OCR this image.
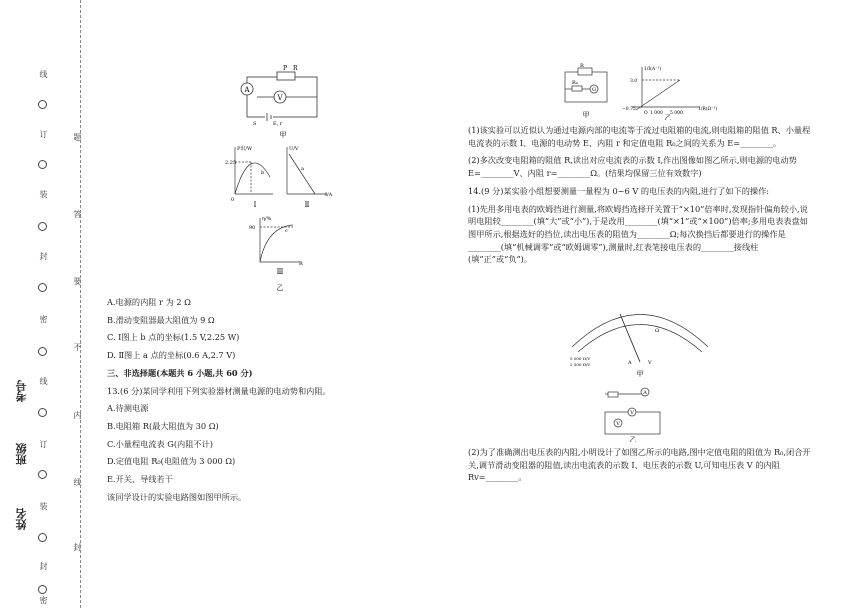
线
订
装
封
密
线
订
装
封
密
姓名
班级
考号
题
答
要
不
内
线
封
A
V
P R
S	E, r
甲
P出/W
2.25
b
0
Ⅰ
U/V
I/A
a
Ⅱ
η/%
90	c
R
Ⅲ
乙

A.电源的内阻 r 为 2 Ω

B.滑动变阻器最大阻值为 9 Ω

C. Ⅰ图上 b 点的坐标(1.5 V,2.25 W)

D. Ⅱ图上 a 点的坐标(0.6 A,2.7 V)

三、非选择题(本题共 6 小题,共 60 分)

13.(6 分)某同学利用下列实验器材测量电源的电动势和内阻。

A.待测电源

B.电阻箱 R(最大阻值为 30 Ω)

C.小量程电流表 G(内阻不计)

D.定值电阻 R₀(电阻值为 3 000 Ω)

E.开关、导线若干

该同学设计的实验电路图如图甲所示。

G
R
R₀
甲
1/I(A⁻¹)
3.0
−0.75
O 1 000 5 000
1/R(Ω⁻¹)
乙

(1)该实验可以近似认为通过电源内部的电流等于流过电阻箱的电流,则电阻箱的阻值 R、小量程电流表的示数 I、电源的电动势 E、内阻 r 和定值电阻 R₀之间的关系为 E=________。

(2)多次改变电阻箱的阻值 R,读出对应电流表的示数 I,作出图像如图乙所示,则电源的电动势 E=________V、内阻 r=________Ω。(结果均保留三位有效数字)

14.(9 分)某实验小组想要测量一量程为 0~6 V 的电压表的内阻,进行了如下的操作:

(1)先用多用电表的欧姆挡进行测量,将欧姆挡选择开关置于“×10”倍率时,发现指针偏角较小,说明电阻较________(填“大”或“小”),于是改用________(填“×1”或“×100”)倍率;多用电表表盘如图甲所示,根据选好的挡位,读出电压表的阻值为________Ω;每次换挡后都要进行的操作是________(填“机械调零”或“欧姆调零”),测量时,红表笔接电压表的________接线柱(填“正”或“负”)。

5 000 Ω/V
2 500 Ω/V
Ω
A	V
甲
V
V
A
乙

(2)为了准确测出电压表的内阻,小明设计了如图乙所示的电路,图中定值电阻的阻值为 R₀,闭合开关,调节滑动变阻器的阻值,读出电流表的示数 I、电压表的示数 U,可知电压表 V 的内阻 Rv=________。
